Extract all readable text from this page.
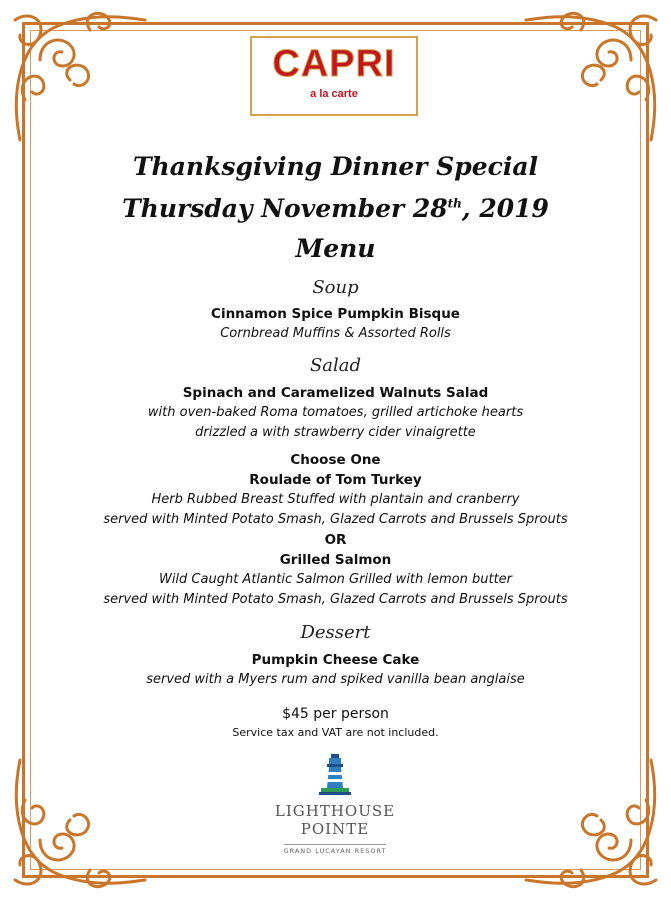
CAPRI
a la carte
Thanksgiving Dinner Special
Thursday November 28th, 2019
Menu
Soup
Cinnamon Spice Pumpkin Bisque
Cornbread Muffins & Assorted Rolls
Salad
Spinach and Caramelized Walnuts Salad
with oven-baked Roma tomatoes, grilled artichoke hearts
drizzled a with strawberry cider vinaigrette
Choose One
Roulade of Tom Turkey
Herb Rubbed Breast Stuffed with plantain and cranberry
served with Minted Potato Smash, Glazed Carrots and Brussels Sprouts
OR
Grilled Salmon
Wild Caught Atlantic Salmon Grilled with lemon butter
served with Minted Potato Smash, Glazed Carrots and Brussels Sprouts
Dessert
Pumpkin Cheese Cake
served with a Myers rum and spiked vanilla bean anglaise
$45 per person
Service tax and VAT are not included.
LIGHTHOUSE POINTE
GRAND LUCAYAN RESORT
